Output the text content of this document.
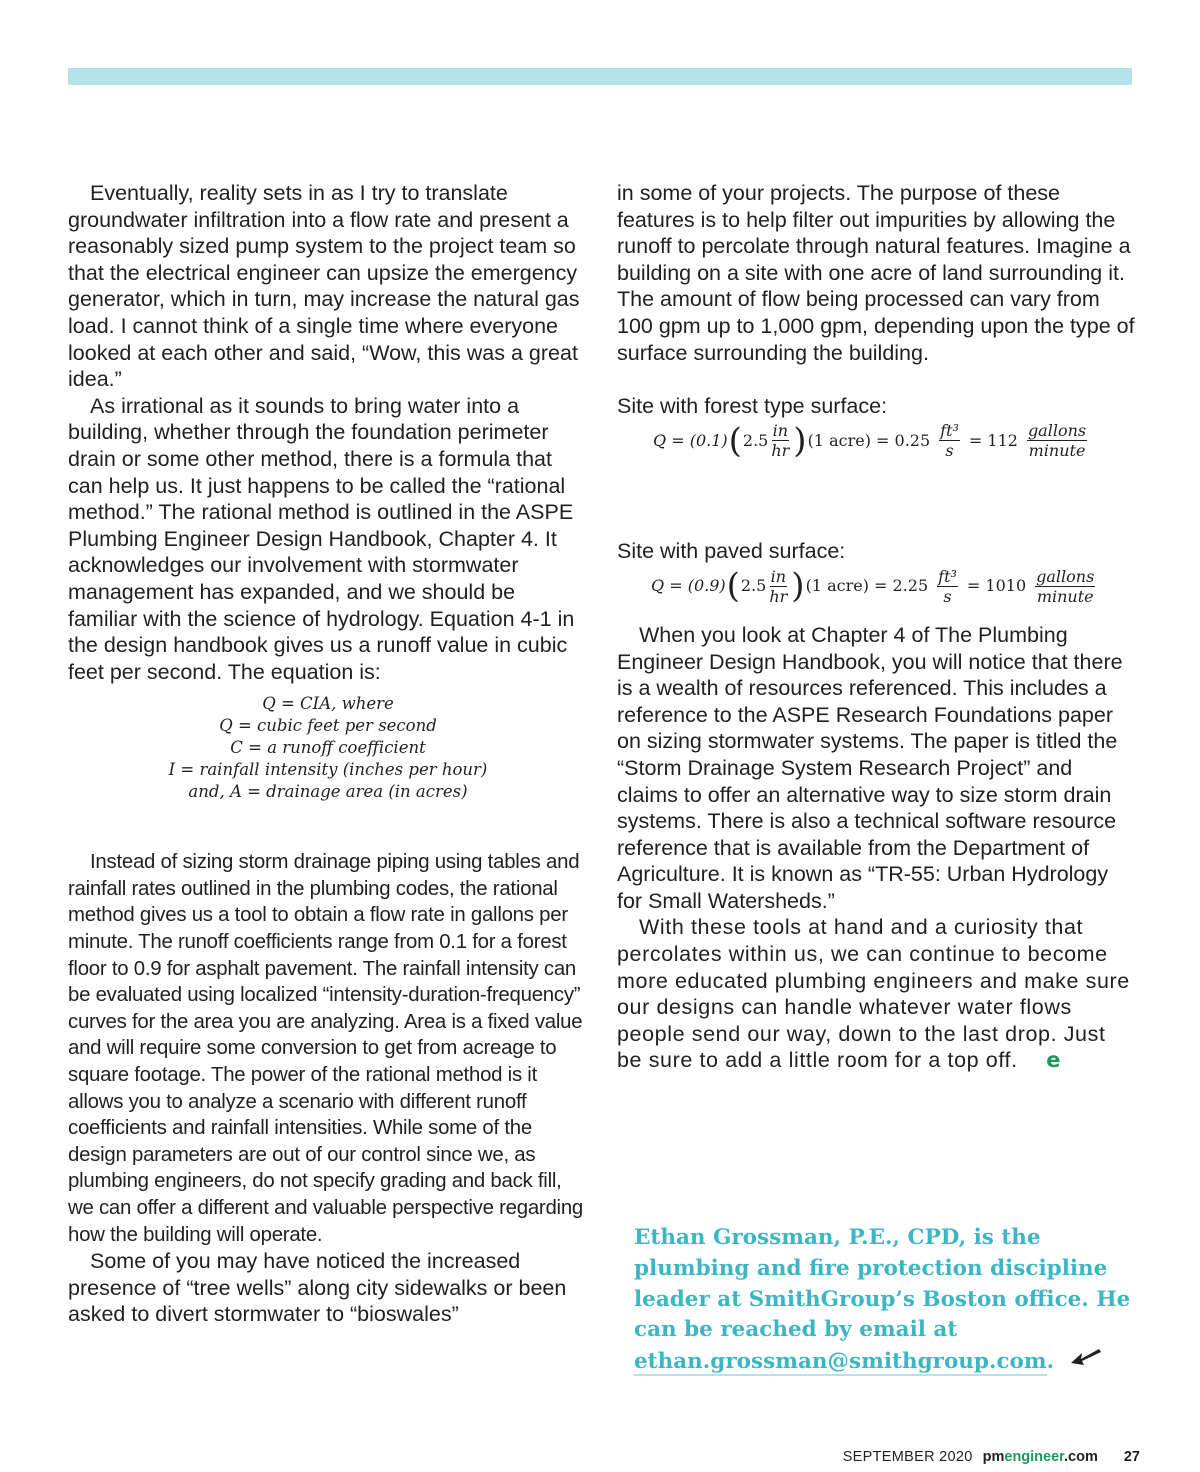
Eventually, reality sets in as I try to translate groundwater infiltration into a flow rate and present a reasonably sized pump system to the project team so that the electrical engineer can upsize the emergency generator, which in turn, may increase the natural gas load. I cannot think of a single time where everyone looked at each other and said, “Wow, this was a great idea.”

As irrational as it sounds to bring water into a building, whether through the foundation perimeter drain or some other method, there is a formula that can help us. It just happens to be called the “rational method.” The rational method is outlined in the ASPE Plumbing Engineer Design Handbook, Chapter 4. It acknowledges our involvement with stormwater management has expanded, and we should be familiar with the science of hydrology. Equation 4-1 in the design handbook gives us a runoff value in cubic feet per second. The equation is:

Q = CIA, where
Q = cubic feet per second
C = a runoff coefficient
I = rainfall intensity (inches per hour)
and, A = drainage area (in acres)

Instead of sizing storm drainage piping using tables and rainfall rates outlined in the plumbing codes, the rational method gives us a tool to obtain a flow rate in gallons per minute. The runoff coefficients range from 0.1 for a forest floor to 0.9 for asphalt pavement. The rainfall intensity can be evaluated using localized “intensity-duration-frequency” curves for the area you are analyzing. Area is a fixed value and will require some conversion to get from acreage to square footage. The power of the rational method is it allows you to analyze a scenario with different runoff coefficients and rainfall intensities. While some of the design parameters are out of our control since we, as plumbing engineers, do not specify grading and back fill, we can offer a different and valuable perspective regarding how the building will operate.

Some of you may have noticed the increased presence of “tree wells” along city sidewalks or been asked to divert stormwater to “bioswales”

in some of your projects. The purpose of these features is to help filter out impurities by allowing the runoff to percolate through natural features. Imagine a building on a site with one acre of land surrounding it. The amount of flow being processed can vary from 100 gpm up to 1,000 gpm, depending upon the type of surface surrounding the building.

Site with forest type surface:

Q = (0.1) ( $2.5 \frac{in}{hr}$ ) (1 acre) = $0.25 \frac{\text{ft³}}{s} = 112 \frac{\text{gallons}}{\text{minute}}$

Site with paved surface:

Q = (0.9) ( $2.5 \frac{in}{hr}$ ) (1 acre) = $2.25 \frac{\text{ft³}}{s} = 1010 \frac{\text{gallons}}{\text{minute}}$

When you look at Chapter 4 of The Plumbing Engineer Design Handbook, you will notice that there is a wealth of resources referenced. This includes a reference to the ASPE Research Foundations paper on sizing stormwater systems. The paper is titled the “Storm Drainage System Research Project” and claims to offer an alternative way to size storm drain systems. There is also a technical software resource reference that is available from the Department of Agriculture. It is known as “TR-55: Urban Hydrology for Small Watersheds.”

With these tools at hand and a curiosity that percolates within us, we can continue to become more educated plumbing engineers and make sure our designs can handle whatever water flows people send our way, down to the last drop. Just be sure to add a little room for a top off. e

Ethan Grossman, P.E., CPD, is the plumbing and fire protection discipline leader at SmithGroup’s Boston office. He can be reached by email at ethan.grossman@smithgroup.com.
SEPTEMBER 2020 pmengineer.com 27
